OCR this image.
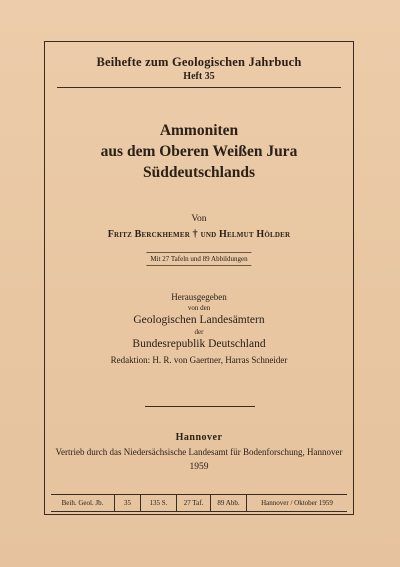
Beihefte zum Geologischen Jahrbuch
Heft 35
Ammoniten
aus dem Oberen Weißen Jura
Süddeutschlands
Von
Fritz Berckhemer † und Helmut Hölder
Mit 27 Tafeln und 89 Abbildungen
Herausgegeben
von den
Geologischen Landesämtern
der
Bundesrepublik Deutschland
Redaktion: H. R. von Gaertner, Harras Schneider
Hannover
Vertrieb durch das Niedersächsische Landesamt für Bodenforschung, Hannover
1959
Beih. Geol. Jb.	35	135 S.	27 Taf.	89 Abb.	Hannover / Oktober 1959
